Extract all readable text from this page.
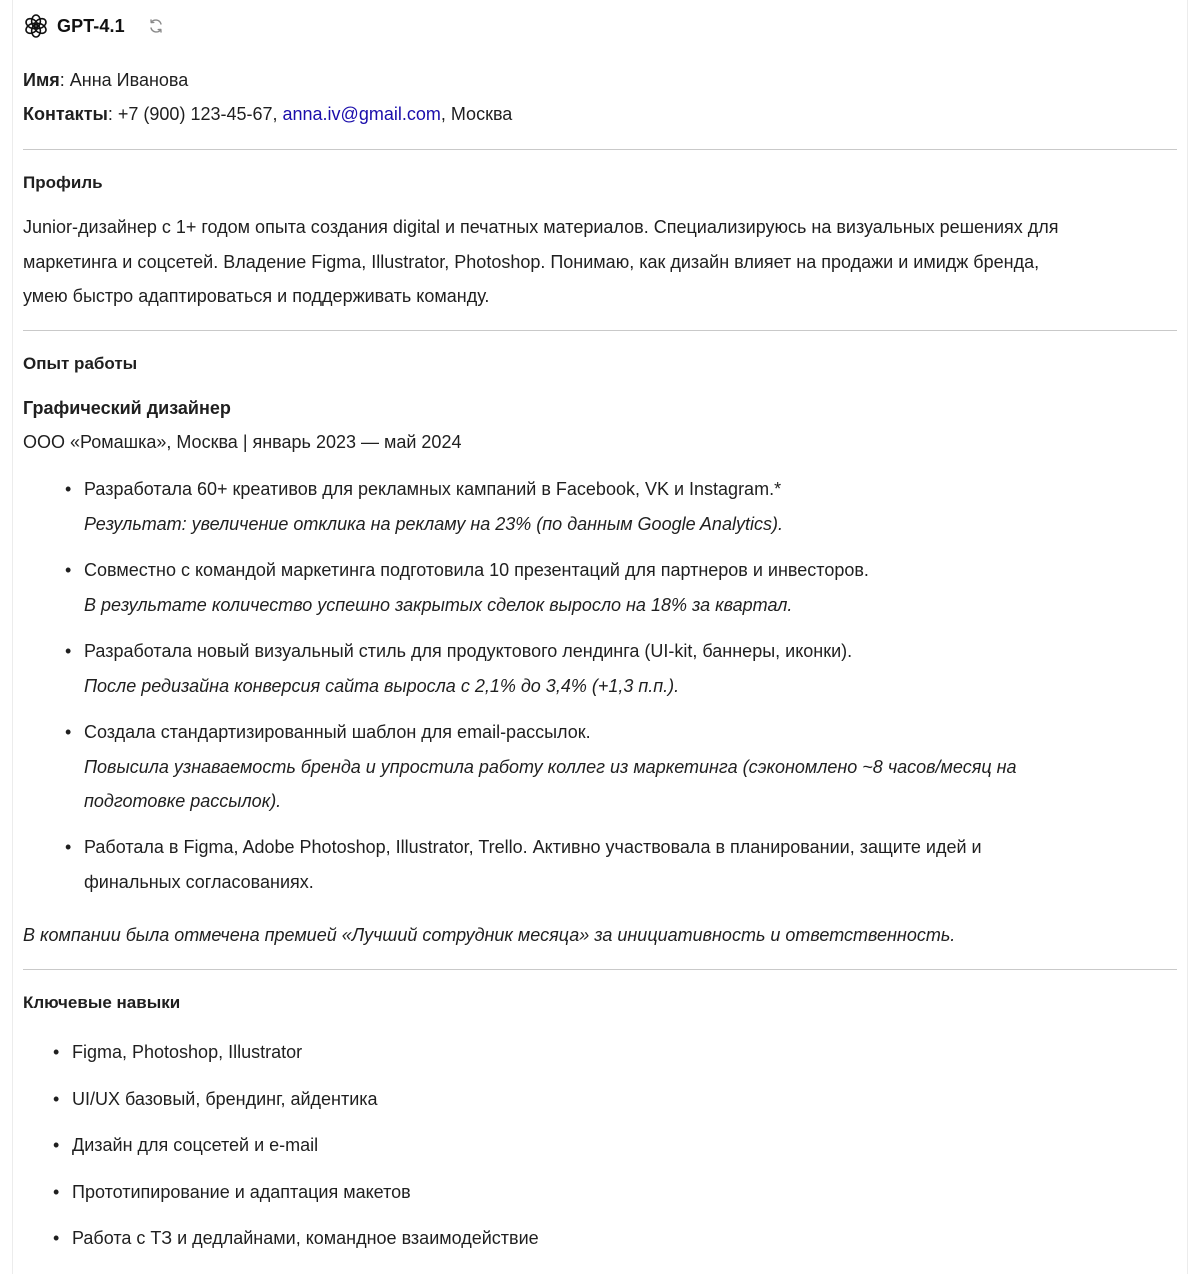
GPT-4.1

Имя: Анна Иванова

Контакты: +7 (900) 123-45-67, anna.iv@gmail.com, Москва

Профиль

Junior-дизайнер с 1+ годом опыта создания digital и печатных материалов. Специализируюсь на визуальных решениях для

маркетинга и соцсетей. Владение Figma, Illustrator, Photoshop. Понимаю, как дизайн влияет на продажи и имидж бренда,

умею быстро адаптироваться и поддерживать команду.

Опыт работы
Графический дизайнер
ООО «Ромашка», Москва | январь 2023 — май 2024
• Разработала 60+ креативов для рекламных кампаний в Facebook, VK и Instagram.*
Результат: увеличение отклика на рекламу на 23% (по данным Google Analytics).
• Совместно с командой маркетинга подготовила 10 презентаций для партнеров и инвесторов.
В результате количество успешно закрытых сделок выросло на 18% за квартал.
• Разработала новый визуальный стиль для продуктового лендинга (UI-kit, баннеры, иконки).
После редизайна конверсия сайта выросла с 2,1% до 3,4% (+1,3 п.п.).
• Создала стандартизированный шаблон для email-рассылок.
Повысила узнаваемость бренда и упростила работу коллег из маркетинга (сэкономлено ~8 часов/месяц на
подготовке рассылок).
• Работала в Figma, Adobe Photoshop, Illustrator, Trello. Активно участвовала в планировании, защите идей и
финальных согласованиях.

В компании была отмечена премией «Лучший сотрудник месяца» за инициативность и ответственность.

Ключевые навыки
• Figma, Photoshop, Illustrator
• UI/UX базовый, брендинг, айдентика
• Дизайн для соцсетей и e-mail
• Прототипирование и адаптация макетов
• Работа с ТЗ и дедлайнами, командное взаимодействие
